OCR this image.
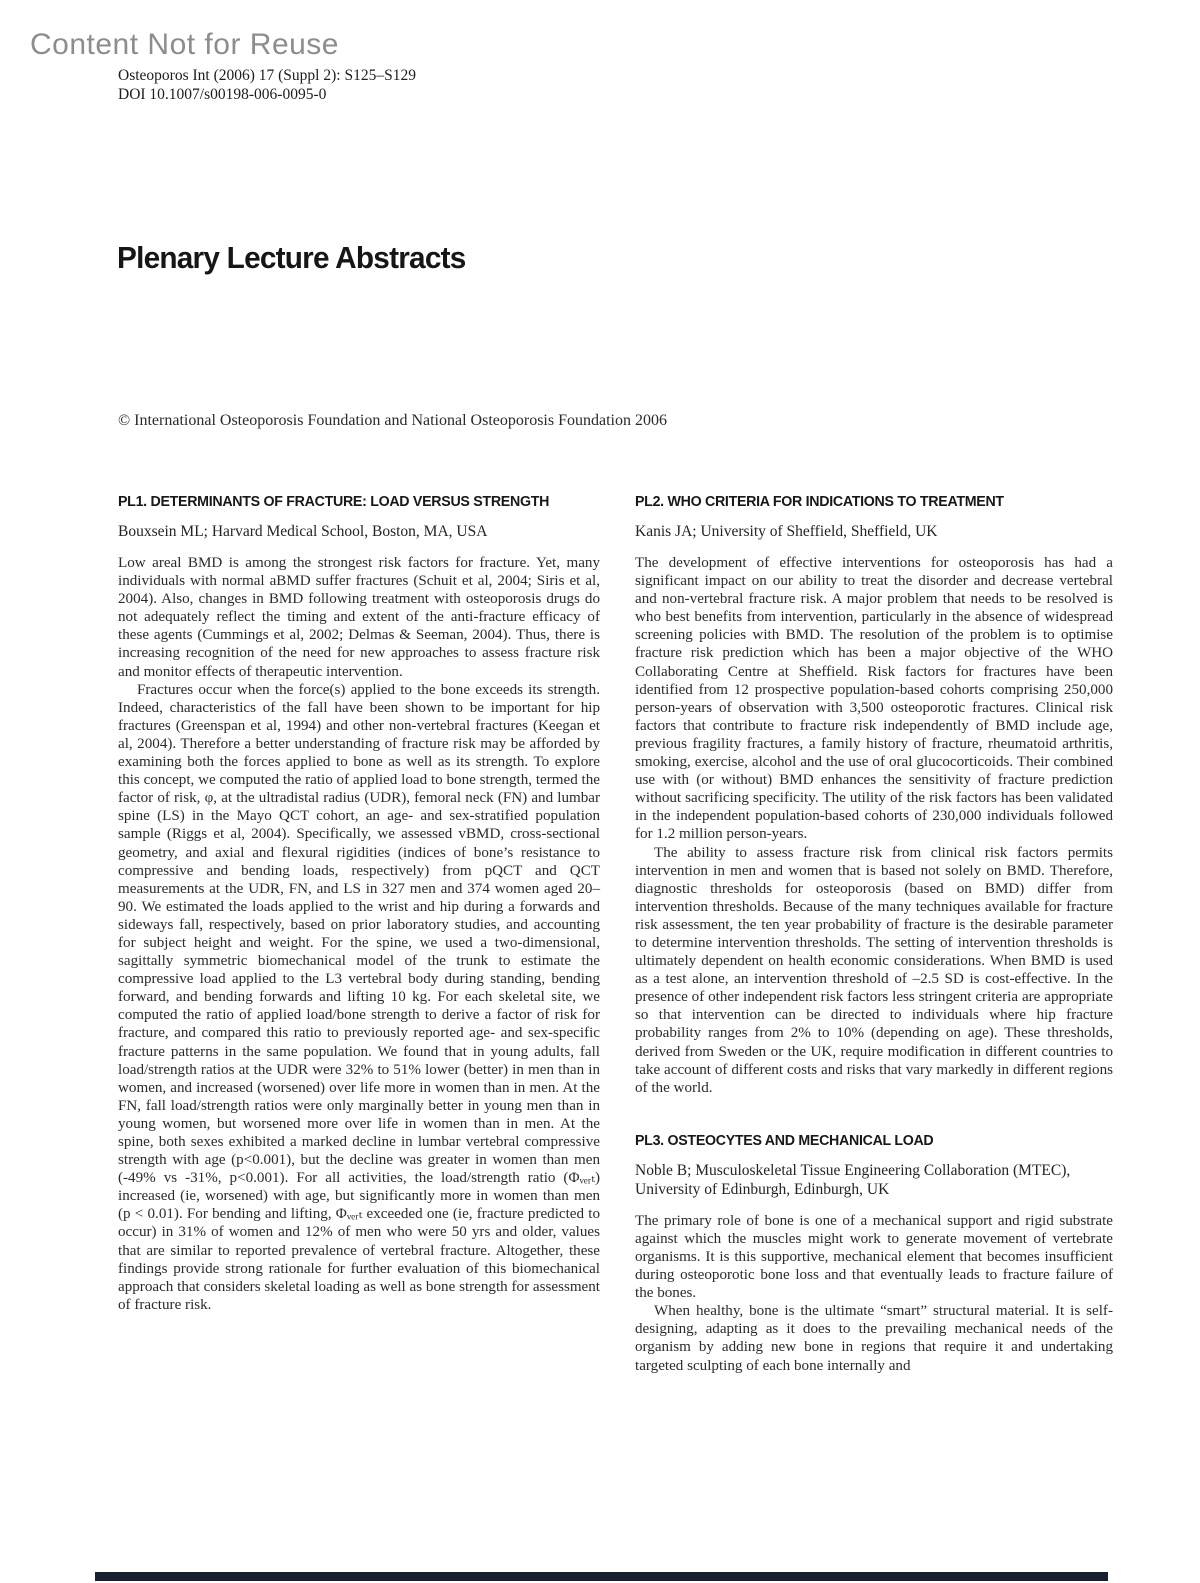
Content Not for Reuse
Osteoporos Int (2006) 17 (Suppl 2): S125–S129
DOI 10.1007/s00198-006-0095-0
Plenary Lecture Abstracts
© International Osteoporosis Foundation and National Osteoporosis Foundation 2006
PL1. DETERMINANTS OF FRACTURE: LOAD VERSUS STRENGTH
Bouxsein ML; Harvard Medical School, Boston, MA, USA

Low areal BMD is among the strongest risk factors for fracture. Yet, many individuals with normal aBMD suffer fractures (Schuit et al, 2004; Siris et al, 2004). Also, changes in BMD following treatment with osteoporosis drugs do not adequately reflect the timing and extent of the anti-fracture efficacy of these agents (Cummings et al, 2002; Delmas & Seeman, 2004). Thus, there is increasing recognition of the need for new approaches to assess fracture risk and monitor effects of therapeutic intervention.

Fractures occur when the force(s) applied to the bone exceeds its strength. Indeed, characteristics of the fall have been shown to be important for hip fractures (Greenspan et al, 1994) and other non-vertebral fractures (Keegan et al, 2004). Therefore a better understanding of fracture risk may be afforded by examining both the forces applied to bone as well as its strength. To explore this concept, we computed the ratio of applied load to bone strength, termed the factor of risk, φ, at the ultradistal radius (UDR), femoral neck (FN) and lumbar spine (LS) in the Mayo QCT cohort, an age- and sex-stratified population sample (Riggs et al, 2004). Specifically, we assessed vBMD, cross-sectional geometry, and axial and flexural rigidities (indices of bone’s resistance to compressive and bending loads, respectively) from pQCT and QCT measurements at the UDR, FN, and LS in 327 men and 374 women aged 20–90. We estimated the loads applied to the wrist and hip during a forwards and sideways fall, respectively, based on prior laboratory studies, and accounting for subject height and weight. For the spine, we used a two-dimensional, sagittally symmetric biomechanical model of the trunk to estimate the compressive load applied to the L3 vertebral body during standing, bending forward, and bending forwards and lifting 10 kg. For each skeletal site, we computed the ratio of applied load/bone strength to derive a factor of risk for fracture, and compared this ratio to previously reported age- and sex-specific fracture patterns in the same population. We found that in young adults, fall load/strength ratios at the UDR were 32% to 51% lower (better) in men than in women, and increased (worsened) over life more in women than in men. At the FN, fall load/strength ratios were only marginally better in young men than in young women, but worsened more over life in women than in men. At the spine, both sexes exhibited a marked decline in lumbar vertebral compressive strength with age (p<0.001), but the decline was greater in women than men (-49% vs -31%, p<0.001). For all activities, the load/strength ratio (Φᵥₑᵣₜ) increased (ie, worsened) with age, but significantly more in women than men (p < 0.01). For bending and lifting, Φᵥₑᵣₜ exceeded one (ie, fracture predicted to occur) in 31% of women and 12% of men who were 50 yrs and older, values that are similar to reported prevalence of vertebral fracture. Altogether, these findings provide strong rationale for further evaluation of this biomechanical approach that considers skeletal loading as well as bone strength for assessment of fracture risk.

PL2. WHO CRITERIA FOR INDICATIONS TO TREATMENT
Kanis JA; University of Sheffield, Sheffield, UK

The development of effective interventions for osteoporosis has had a significant impact on our ability to treat the disorder and decrease vertebral and non-vertebral fracture risk. A major problem that needs to be resolved is who best benefits from intervention, particularly in the absence of widespread screening policies with BMD. The resolution of the problem is to optimise fracture risk prediction which has been a major objective of the WHO Collaborating Centre at Sheffield. Risk factors for fractures have been identified from 12 prospective population-based cohorts comprising 250,000 person-years of observation with 3,500 osteoporotic fractures. Clinical risk factors that contribute to fracture risk independently of BMD include age, previous fragility fractures, a family history of fracture, rheumatoid arthritis, smoking, exercise, alcohol and the use of oral glucocorticoids. Their combined use with (or without) BMD enhances the sensitivity of fracture prediction without sacrificing specificity. The utility of the risk factors has been validated in the independent population-based cohorts of 230,000 individuals followed for 1.2 million person-years.

The ability to assess fracture risk from clinical risk factors permits intervention in men and women that is based not solely on BMD. Therefore, diagnostic thresholds for osteoporosis (based on BMD) differ from intervention thresholds. Because of the many techniques available for fracture risk assessment, the ten year probability of fracture is the desirable parameter to determine intervention thresholds. The setting of intervention thresholds is ultimately dependent on health economic considerations. When BMD is used as a test alone, an intervention threshold of –2.5 SD is cost-effective. In the presence of other independent risk factors less stringent criteria are appropriate so that intervention can be directed to individuals where hip fracture probability ranges from 2% to 10% (depending on age). These thresholds, derived from Sweden or the UK, require modification in different countries to take account of different costs and risks that vary markedly in different regions of the world.

PL3. OSTEOCYTES AND MECHANICAL LOAD
Noble B; Musculoskeletal Tissue Engineering Collaboration (MTEC), University of Edinburgh, Edinburgh, UK

The primary role of bone is one of a mechanical support and rigid substrate against which the muscles might work to generate movement of vertebrate organisms. It is this supportive, mechanical element that becomes insufficient during osteoporotic bone loss and that eventually leads to fracture failure of the bones.

When healthy, bone is the ultimate “smart” structural material. It is self-designing, adapting as it does to the prevailing mechanical needs of the organism by adding new bone in regions that require it and undertaking targeted sculpting of each bone internally and
